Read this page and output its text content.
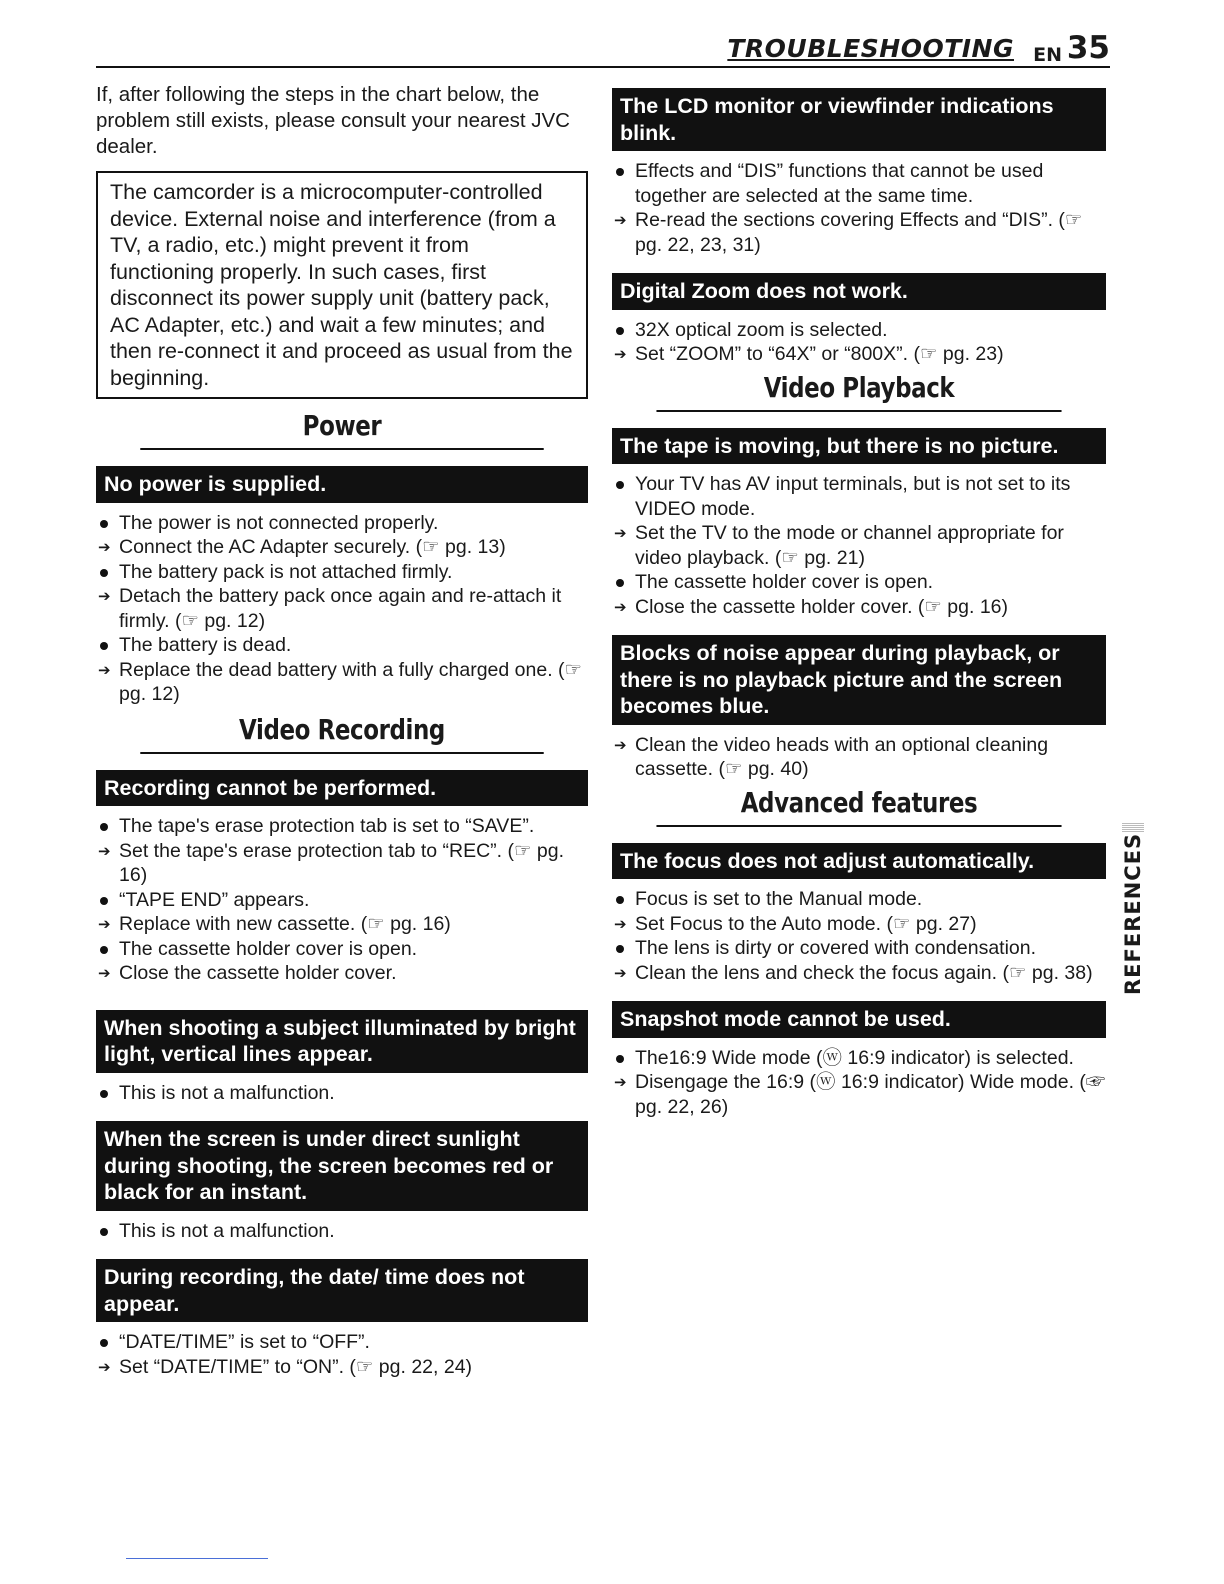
TROUBLESHOOTING EN 35

If, after following the steps in the chart below, the problem still exists, please consult your nearest JVC dealer.

The camcorder is a microcomputer-controlled device. External noise and interference (from a TV, a radio, etc.) might prevent it from functioning properly. In such cases, first disconnect its power supply unit (battery pack, AC Adapter, etc.) and wait a few minutes; and then re-connect it and proceed as usual from the beginning.
Power
No power is supplied.
The power is not connected properly.
Connect the AC Adapter securely. (☞ pg. 13)
The battery pack is not attached firmly.
Detach the battery pack once again and re-attach it firmly. (☞ pg. 12)
The battery is dead.
Replace the dead battery with a fully charged one. (☞ pg. 12)
Video Recording
Recording cannot be performed.
The tape's erase protection tab is set to “SAVE”.
Set the tape's erase protection tab to “REC”. (☞ pg. 16)
“TAPE END” appears.
Replace with new cassette. (☞ pg. 16)
The cassette holder cover is open.
Close the cassette holder cover.
When shooting a subject illuminated by bright light, vertical lines appear.
This is not a malfunction.
When the screen is under direct sunlight during shooting, the screen becomes red or black for an instant.
This is not a malfunction.
During recording, the date/ time does not appear.
“DATE/TIME” is set to “OFF”.
Set “DATE/TIME” to “ON”. (☞ pg. 22, 24)
The LCD monitor or viewfinder indications blink.
Effects and “DIS” functions that cannot be used together are selected at the same time.
Re-read the sections covering Effects and “DIS”. (☞ pg. 22, 23, 31)
Digital Zoom does not work.
32X optical zoom is selected.
Set “ZOOM” to “64X” or “800X”. (☞ pg. 23)
Video Playback
The tape is moving, but there is no picture.
Your TV has AV input terminals, but is not set to its VIDEO mode.
Set the TV to the mode or channel appropriate for video playback. (☞ pg. 21)
The cassette holder cover is open.
Close the cassette holder cover. (☞ pg. 16)
Blocks of noise appear during playback, or there is no playback picture and the screen becomes blue.
Clean the video heads with an optional cleaning cassette. (☞ pg. 40)
Advanced features
The focus does not adjust automatically.
Focus is set to the Manual mode.
Set Focus to the Auto mode. (☞ pg. 27)
The lens is dirty or covered with condensation.
Clean the lens and check the focus again. (☞ pg. 38)
Snapshot mode cannot be used.
The16:9 Wide mode (ⓦ 16:9 indicator) is selected.
Disengage the 16:9 (ⓦ 16:9 indicator) Wide mode. (☞ pg. 22, 26)
REFERENCES
